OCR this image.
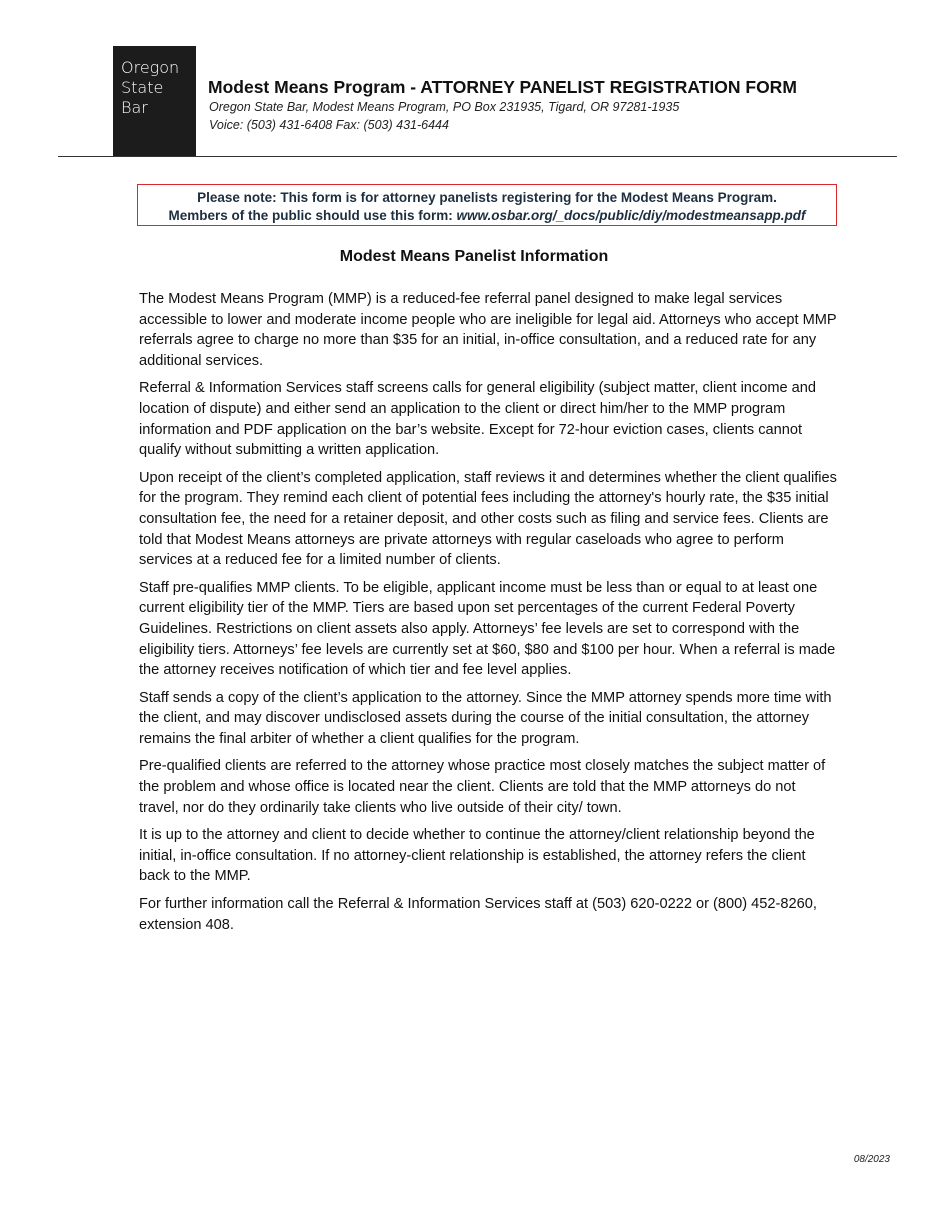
Oregon
State
Bar
Modest Means Program - ATTORNEY PANELIST REGISTRATION FORM
Oregon State Bar, Modest Means Program, PO Box 231935, Tigard, OR 97281-1935
Voice: (503) 431-6408 Fax: (503) 431-6444
Please note: This form is for attorney panelists registering for the Modest Means Program.
Members of the public should use this form: www.osbar.org/_docs/public/diy/modestmeansapp.pdf
Modest Means Panelist Information

The Modest Means Program (MMP) is a reduced-fee referral panel designed to make legal services accessible to lower and moderate income people who are ineligible for legal aid. Attorneys who accept MMP referrals agree to charge no more than $35 for an initial, in-office consultation, and a reduced rate for any additional services.

Referral & Information Services staff screens calls for general eligibility (subject matter, client income and location of dispute) and either send an application to the client or direct him/her to the MMP program information and PDF application on the bar’s website. Except for 72-hour eviction cases, clients cannot qualify without submitting a written application.

Upon receipt of the client’s completed application, staff reviews it and determines whether the client qualifies for the program. They remind each client of potential fees including the attorney's hourly rate, the $35 initial consultation fee, the need for a retainer deposit, and other costs such as filing and service fees. Clients are told that Modest Means attorneys are private attorneys with regular caseloads who agree to perform services at a reduced fee for a limited number of clients.

Staff pre-qualifies MMP clients. To be eligible, applicant income must be less than or equal to at least one current eligibility tier of the MMP. Tiers are based upon set percentages of the current Federal Poverty Guidelines. Restrictions on client assets also apply. Attorneys’ fee levels are set to correspond with the eligibility tiers. Attorneys’ fee levels are currently set at $60, $80 and $100 per hour. When a referral is made the attorney receives notification of which tier and fee level applies.

Staff sends a copy of the client’s application to the attorney. Since the MMP attorney spends more time with the client, and may discover undisclosed assets during the course of the initial consultation, the attorney remains the final arbiter of whether a client qualifies for the program.

Pre-qualified clients are referred to the attorney whose practice most closely matches the subject matter of the problem and whose office is located near the client. Clients are told that the MMP attorneys do not travel, nor do they ordinarily take clients who live outside of their city/ town.

It is up to the attorney and client to decide whether to continue the attorney/client relationship beyond the initial, in-office consultation. If no attorney-client relationship is established, the attorney refers the client back to the MMP.

For further information call the Referral & Information Services staff at (503) 620-0222 or (800) 452-8260, extension 408.

08/2023
